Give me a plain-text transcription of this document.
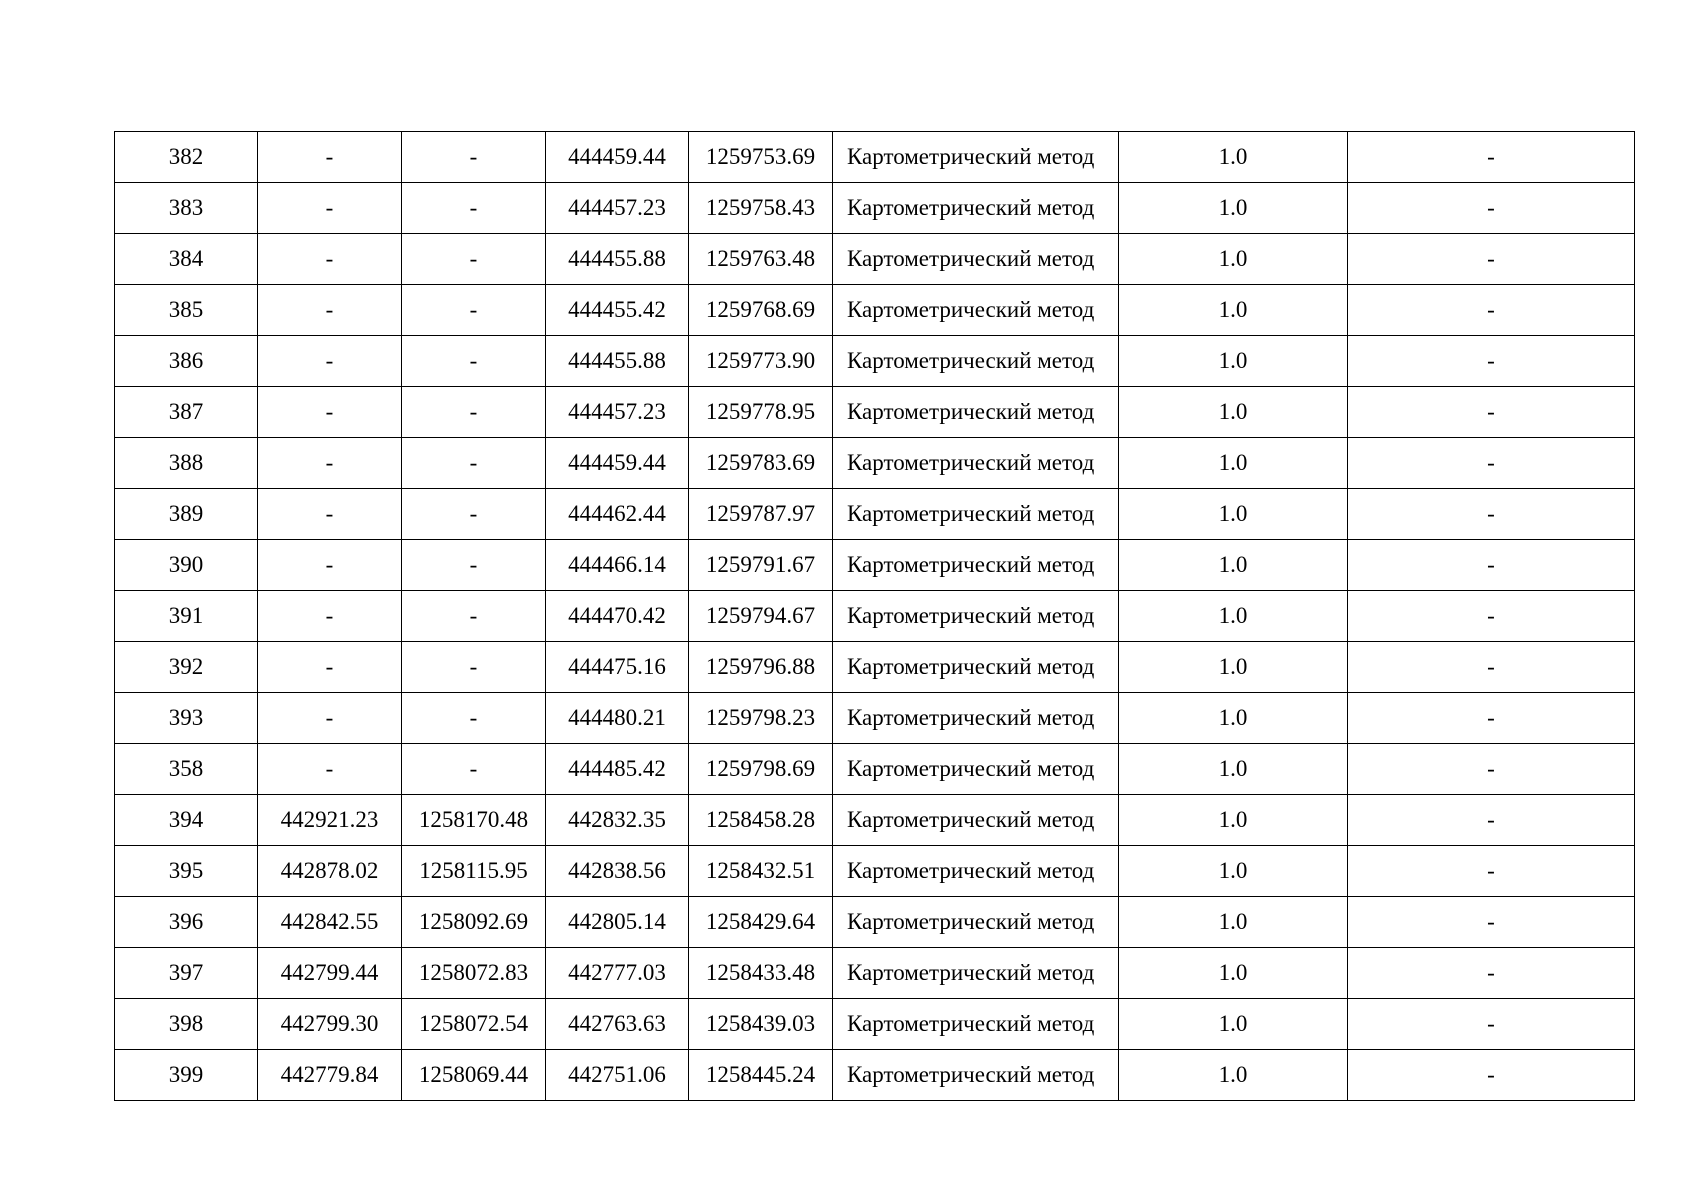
382	-	-	444459.44	1259753.69	Картометрический метод	1.0	-
383	-	-	444457.23	1259758.43	Картометрический метод	1.0	-
384	-	-	444455.88	1259763.48	Картометрический метод	1.0	-
385	-	-	444455.42	1259768.69	Картометрический метод	1.0	-
386	-	-	444455.88	1259773.90	Картометрический метод	1.0	-
387	-	-	444457.23	1259778.95	Картометрический метод	1.0	-
388	-	-	444459.44	1259783.69	Картометрический метод	1.0	-
389	-	-	444462.44	1259787.97	Картометрический метод	1.0	-
390	-	-	444466.14	1259791.67	Картометрический метод	1.0	-
391	-	-	444470.42	1259794.67	Картометрический метод	1.0	-
392	-	-	444475.16	1259796.88	Картометрический метод	1.0	-
393	-	-	444480.21	1259798.23	Картометрический метод	1.0	-
358	-	-	444485.42	1259798.69	Картометрический метод	1.0	-
394	442921.23	1258170.48	442832.35	1258458.28	Картометрический метод	1.0	-
395	442878.02	1258115.95	442838.56	1258432.51	Картометрический метод	1.0	-
396	442842.55	1258092.69	442805.14	1258429.64	Картометрический метод	1.0	-
397	442799.44	1258072.83	442777.03	1258433.48	Картометрический метод	1.0	-
398	442799.30	1258072.54	442763.63	1258439.03	Картометрический метод	1.0	-
399	442779.84	1258069.44	442751.06	1258445.24	Картометрический метод	1.0	-
